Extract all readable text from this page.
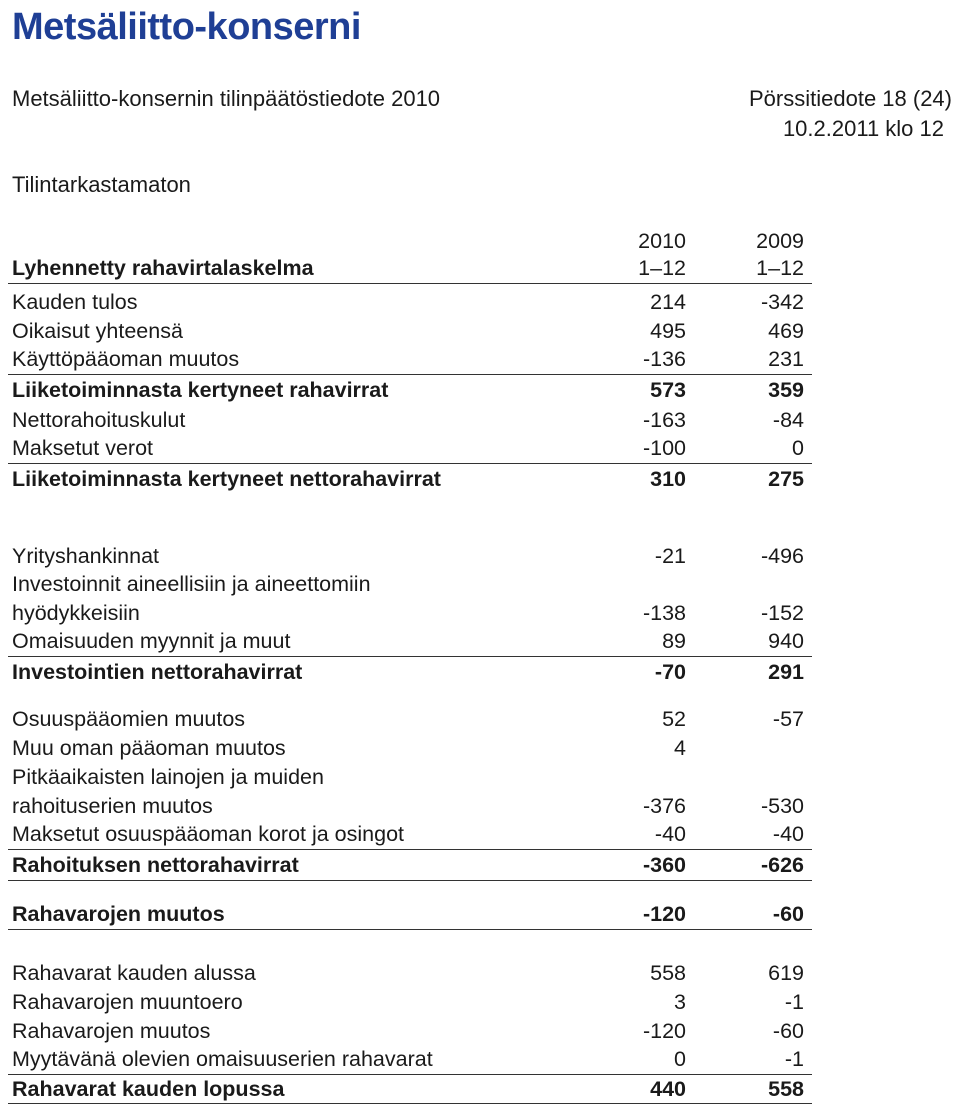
Metsäliitto-konserni
Metsäliitto-konsernin tilinpäätöstiedote 2010	Pörssitiedote 18 (24)
10.2.2011 klo 12
Tilintarkastamaton
2010	2009
Lyhennetty rahavirtalaskelma	1–12	1–12
Kauden tulos	214	-342
Oikaisut yhteensä	495	469
Käyttöpääoman muutos	-136	231
Liiketoiminnasta kertyneet rahavirrat	573	359
Nettorahoituskulut	-163	-84
Maksetut verot	-100	0
Liiketoiminnasta kertyneet nettorahavirrat	310	275
Yrityshankinnat	-21	-496
Investoinnit aineellisiin ja aineettomiin
hyödykkeisiin	-138	-152
Omaisuuden myynnit ja muut	89	940
Investointien nettorahavirrat	-70	291
Osuuspääomien muutos	52	-57
Muu oman pääoman muutos	4
Pitkäaikaisten lainojen ja muiden
rahoituserien muutos	-376	-530
Maksetut osuuspääoman korot ja osingot	-40	-40
Rahoituksen nettorahavirrat	-360	-626
Rahavarojen muutos	-120	-60
Rahavarat kauden alussa	558	619
Rahavarojen muuntoero	3	-1
Rahavarojen muutos	-120	-60
Myytävänä olevien omaisuuserien rahavarat	0	-1
Rahavarat kauden lopussa	440	558
